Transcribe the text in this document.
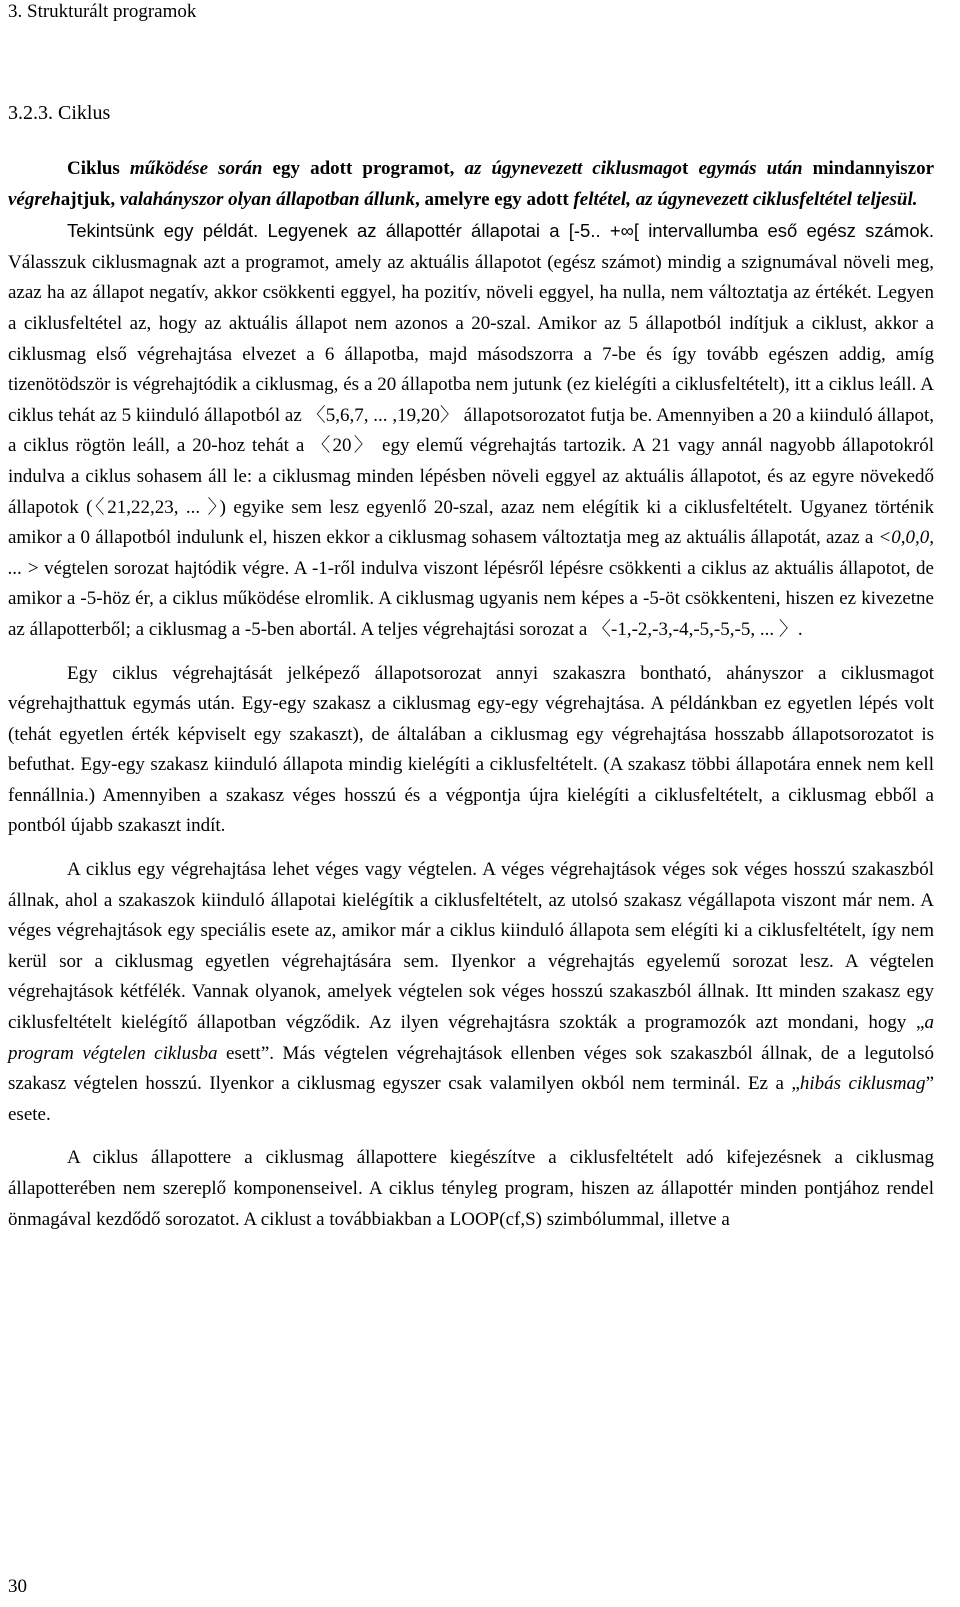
3. Strukturált programok
3.2.3. Ciklus

Ciklus működése során egy adott programot, az úgynevezett ciklusmagot egymás után mindannyiszor végrehajtjuk, valahányszor olyan állapotban állunk, amelyre egy adott feltétel, az úgynevezett ciklusfeltétel teljesül.

Tekintsünk egy példát. Legyenek az állapottér állapotai a [-5.. +∞[ intervallumba eső egész számok. Válasszuk ciklusmagnak azt a programot, amely az aktuális állapotot (egész számot) mindig a szignumával növeli meg, azaz ha az állapot negatív, akkor csökkenti eggyel, ha pozitív, növeli eggyel, ha nulla, nem változtatja az értékét. Legyen a ciklusfeltétel az, hogy az aktuális állapot nem azonos a 20-szal. Amikor az 5 állapotból indítjuk a ciklust, akkor a ciklusmag első végrehajtása elvezet a 6 állapotba, majd másodszorra a 7-be és így tovább egészen addig, amíg tizenötödször is végrehajtódik a ciklusmag, és a 20 állapotba nem jutunk (ez kielégíti a ciklusfeltételt), itt a ciklus leáll. A ciklus tehát az 5 kiinduló állapotból az 〈5,6,7, ... ,19,20〉 állapotsorozatot futja be. Amennyiben a 20 a kiinduló állapot, a ciklus rögtön leáll, a 20-hoz tehát a 〈20〉 egy elemű végrehajtás tartozik. A 21 vagy annál nagyobb állapotokról indulva a ciklus sohasem áll le: a ciklusmag minden lépésben növeli eggyel az aktuális állapotot, és az egyre növekedő állapotok (〈21,22,23, ... 〉) egyike sem lesz egyenlő 20-szal, azaz nem elégítik ki a ciklusfeltételt. Ugyanez történik amikor a 0 állapotból indulunk el, hiszen ekkor a ciklusmag sohasem változtatja meg az aktuális állapotát, azaz a <0,0,0, ... > végtelen sorozat hajtódik végre. A -1-ről indulva viszont lépésről lépésre csökkenti a ciklus az aktuális állapotot, de amikor a -5-höz ér, a ciklus működése elromlik. A ciklusmag ugyanis nem képes a -5-öt csökkenteni, hiszen ez kivezetne az állapotterből; a ciklusmag a -5-ben abortál. A teljes végrehajtási sorozat a 〈-1,-2,-3,-4,-5,-5,-5, ... 〉.

Egy ciklus végrehajtását jelképező állapotsorozat annyi szakaszra bontható, ahányszor a ciklusmagot végrehajthattuk egymás után. Egy-egy szakasz a ciklusmag egy-egy végrehajtása. A példánkban ez egyetlen lépés volt (tehát egyetlen érték képviselt egy szakaszt), de általában a ciklusmag egy végrehajtása hosszabb állapotsorozatot is befuthat. Egy-egy szakasz kiinduló állapota mindig kielégíti a ciklusfeltételt. (A szakasz többi állapotára ennek nem kell fennállnia.) Amennyiben a szakasz véges hosszú és a végpontja újra kielégíti a ciklusfeltételt, a ciklusmag ebből a pontból újabb szakaszt indít.

A ciklus egy végrehajtása lehet véges vagy végtelen. A véges végrehajtások véges sok véges hosszú szakaszból állnak, ahol a szakaszok kiinduló állapotai kielégítik a ciklusfeltételt, az utolsó szakasz végállapota viszont már nem. A véges végrehajtások egy speciális esete az, amikor már a ciklus kiinduló állapota sem elégíti ki a ciklusfeltételt, így nem kerül sor a ciklusmag egyetlen végrehajtására sem. Ilyenkor a végrehajtás egyelemű sorozat lesz. A végtelen végrehajtások kétfélék. Vannak olyanok, amelyek végtelen sok véges hosszú szakaszból állnak. Itt minden szakasz egy ciklusfeltételt kielégítő állapotban végződik. Az ilyen végrehajtásra szokták a programozók azt mondani, hogy „a program végtelen ciklusba esett”. Más végtelen végrehajtások ellenben véges sok szakaszból állnak, de a legutolsó szakasz végtelen hosszú. Ilyenkor a ciklusmag egyszer csak valamilyen okból nem terminál. Ez a „hibás ciklusmag” esete.

A ciklus állapottere a ciklusmag állapottere kiegészítve a ciklusfeltételt adó kifejezésnek a ciklusmag állapotterében nem szereplő komponenseivel. A ciklus tényleg program, hiszen az állapottér minden pontjához rendel önmagával kezdődő sorozatot. A ciklust a továbbiakban a LOOP(cf,S) szimbólummal, illetve a

30
